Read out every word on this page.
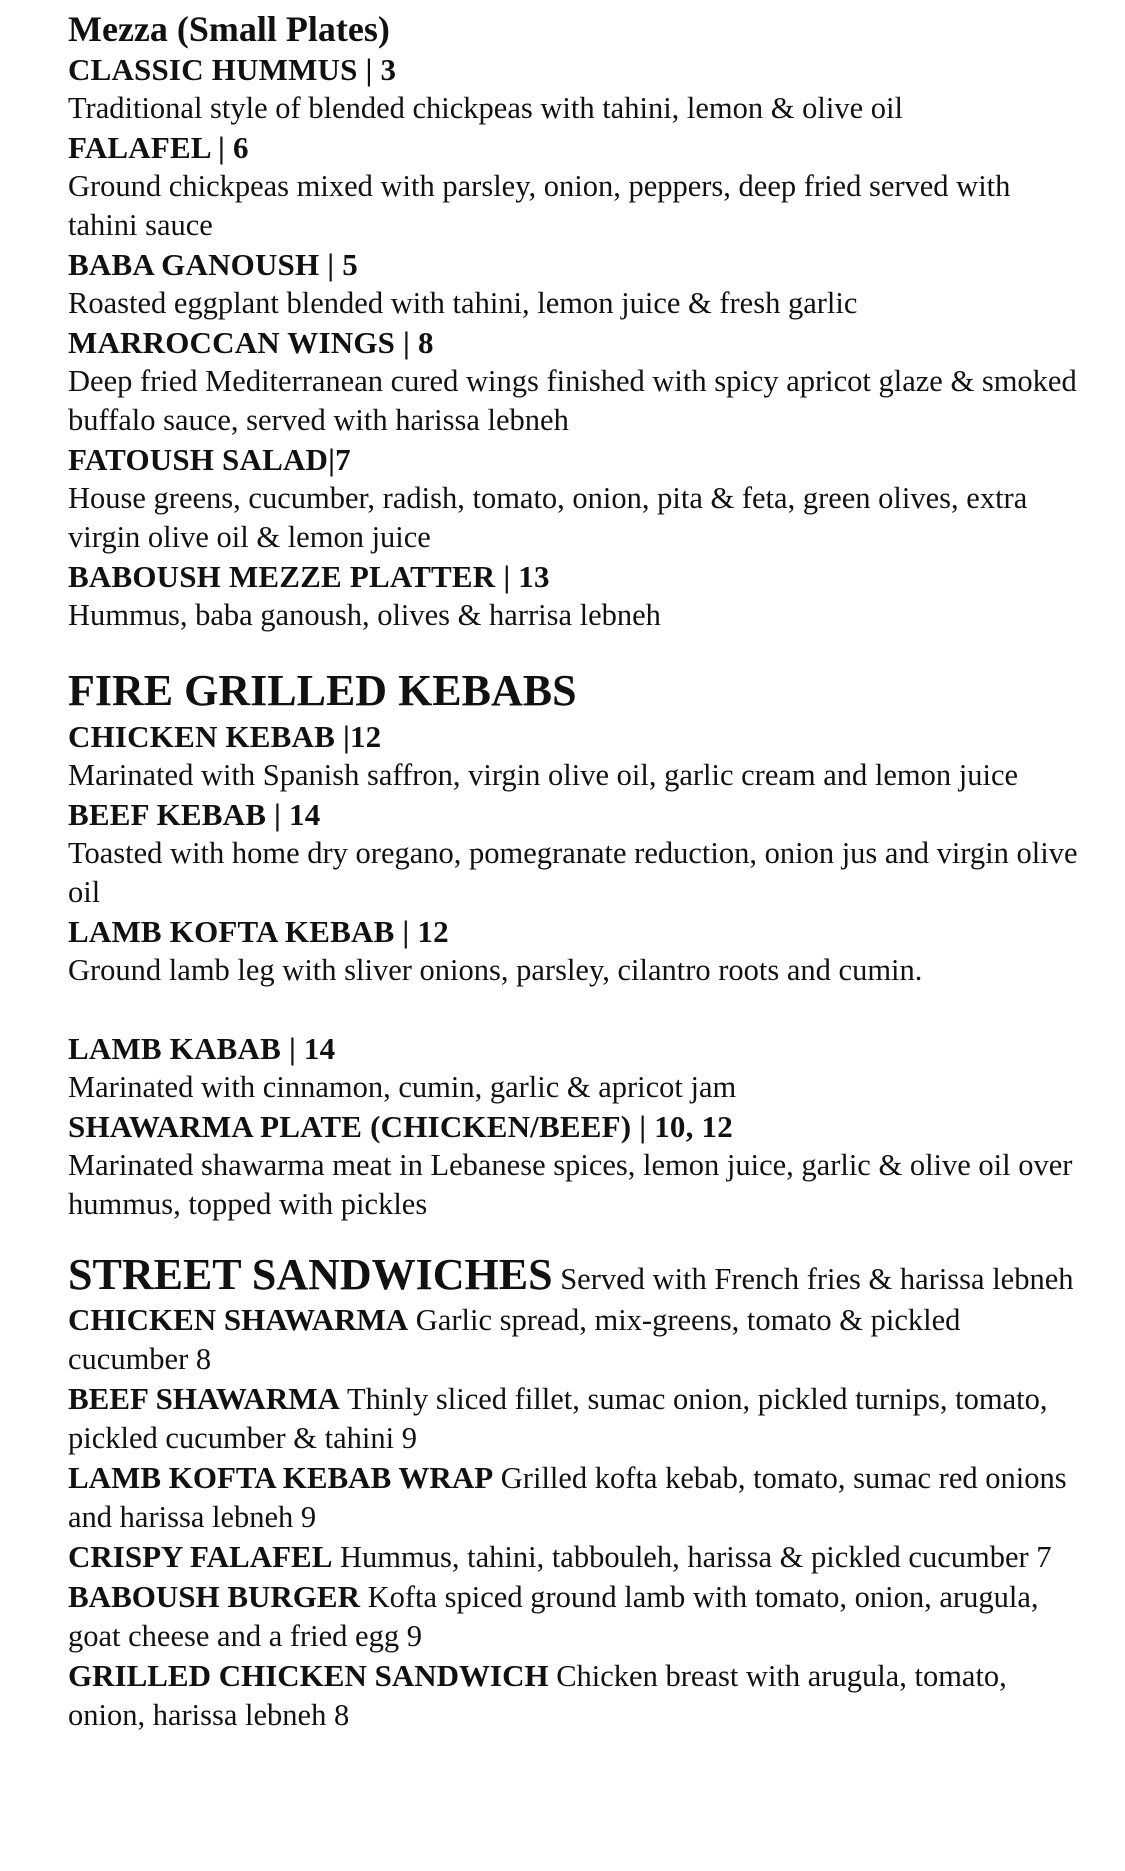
Mezza (Small Plates)

CLASSIC HUMMUS | 3

Traditional style of blended chickpeas with tahini, lemon & olive oil

FALAFEL | 6

Ground chickpeas mixed with parsley, onion, peppers, deep fried served with tahini sauce

BABA GANOUSH | 5

Roasted eggplant blended with tahini, lemon juice & fresh garlic

MARROCCAN WINGS | 8

Deep fried Mediterranean cured wings finished with spicy apricot glaze & smoked buffalo sauce, served with harissa lebneh

FATOUSH SALAD|7

House greens, cucumber, radish, tomato, onion, pita & feta, green olives, extra virgin olive oil & lemon juice

BABOUSH MEZZE PLATTER | 13

Hummus, baba ganoush, olives & harrisa lebneh

FIRE GRILLED KEBABS

CHICKEN KEBAB |12

Marinated with Spanish saffron, virgin olive oil, garlic cream and lemon juice

BEEF KEBAB | 14

Toasted with home dry oregano, pomegranate reduction, onion jus and virgin olive oil

LAMB KOFTA KEBAB | 12

Ground lamb leg with sliver onions, parsley, cilantro roots and cumin.

LAMB KABAB | 14

Marinated with cinnamon, cumin, garlic & apricot jam

SHAWARMA PLATE (CHICKEN/BEEF) | 10, 12

Marinated shawarma meat in Lebanese spices, lemon juice, garlic & olive oil over hummus, topped with pickles

STREET SANDWICHES Served with French fries & harissa lebneh

CHICKEN SHAWARMA Garlic spread, mix-greens, tomato & pickled cucumber 8

BEEF SHAWARMA Thinly sliced fillet, sumac onion, pickled turnips, tomato, pickled cucumber & tahini 9

LAMB KOFTA KEBAB WRAP Grilled kofta kebab, tomato, sumac red onions and harissa lebneh 9

CRISPY FALAFEL Hummus, tahini, tabbouleh, harissa & pickled cucumber 7

BABOUSH BURGER Kofta spiced ground lamb with tomato, onion, arugula, goat cheese and a fried egg 9

GRILLED CHICKEN SANDWICH Chicken breast with arugula, tomato, onion, harissa lebneh 8
